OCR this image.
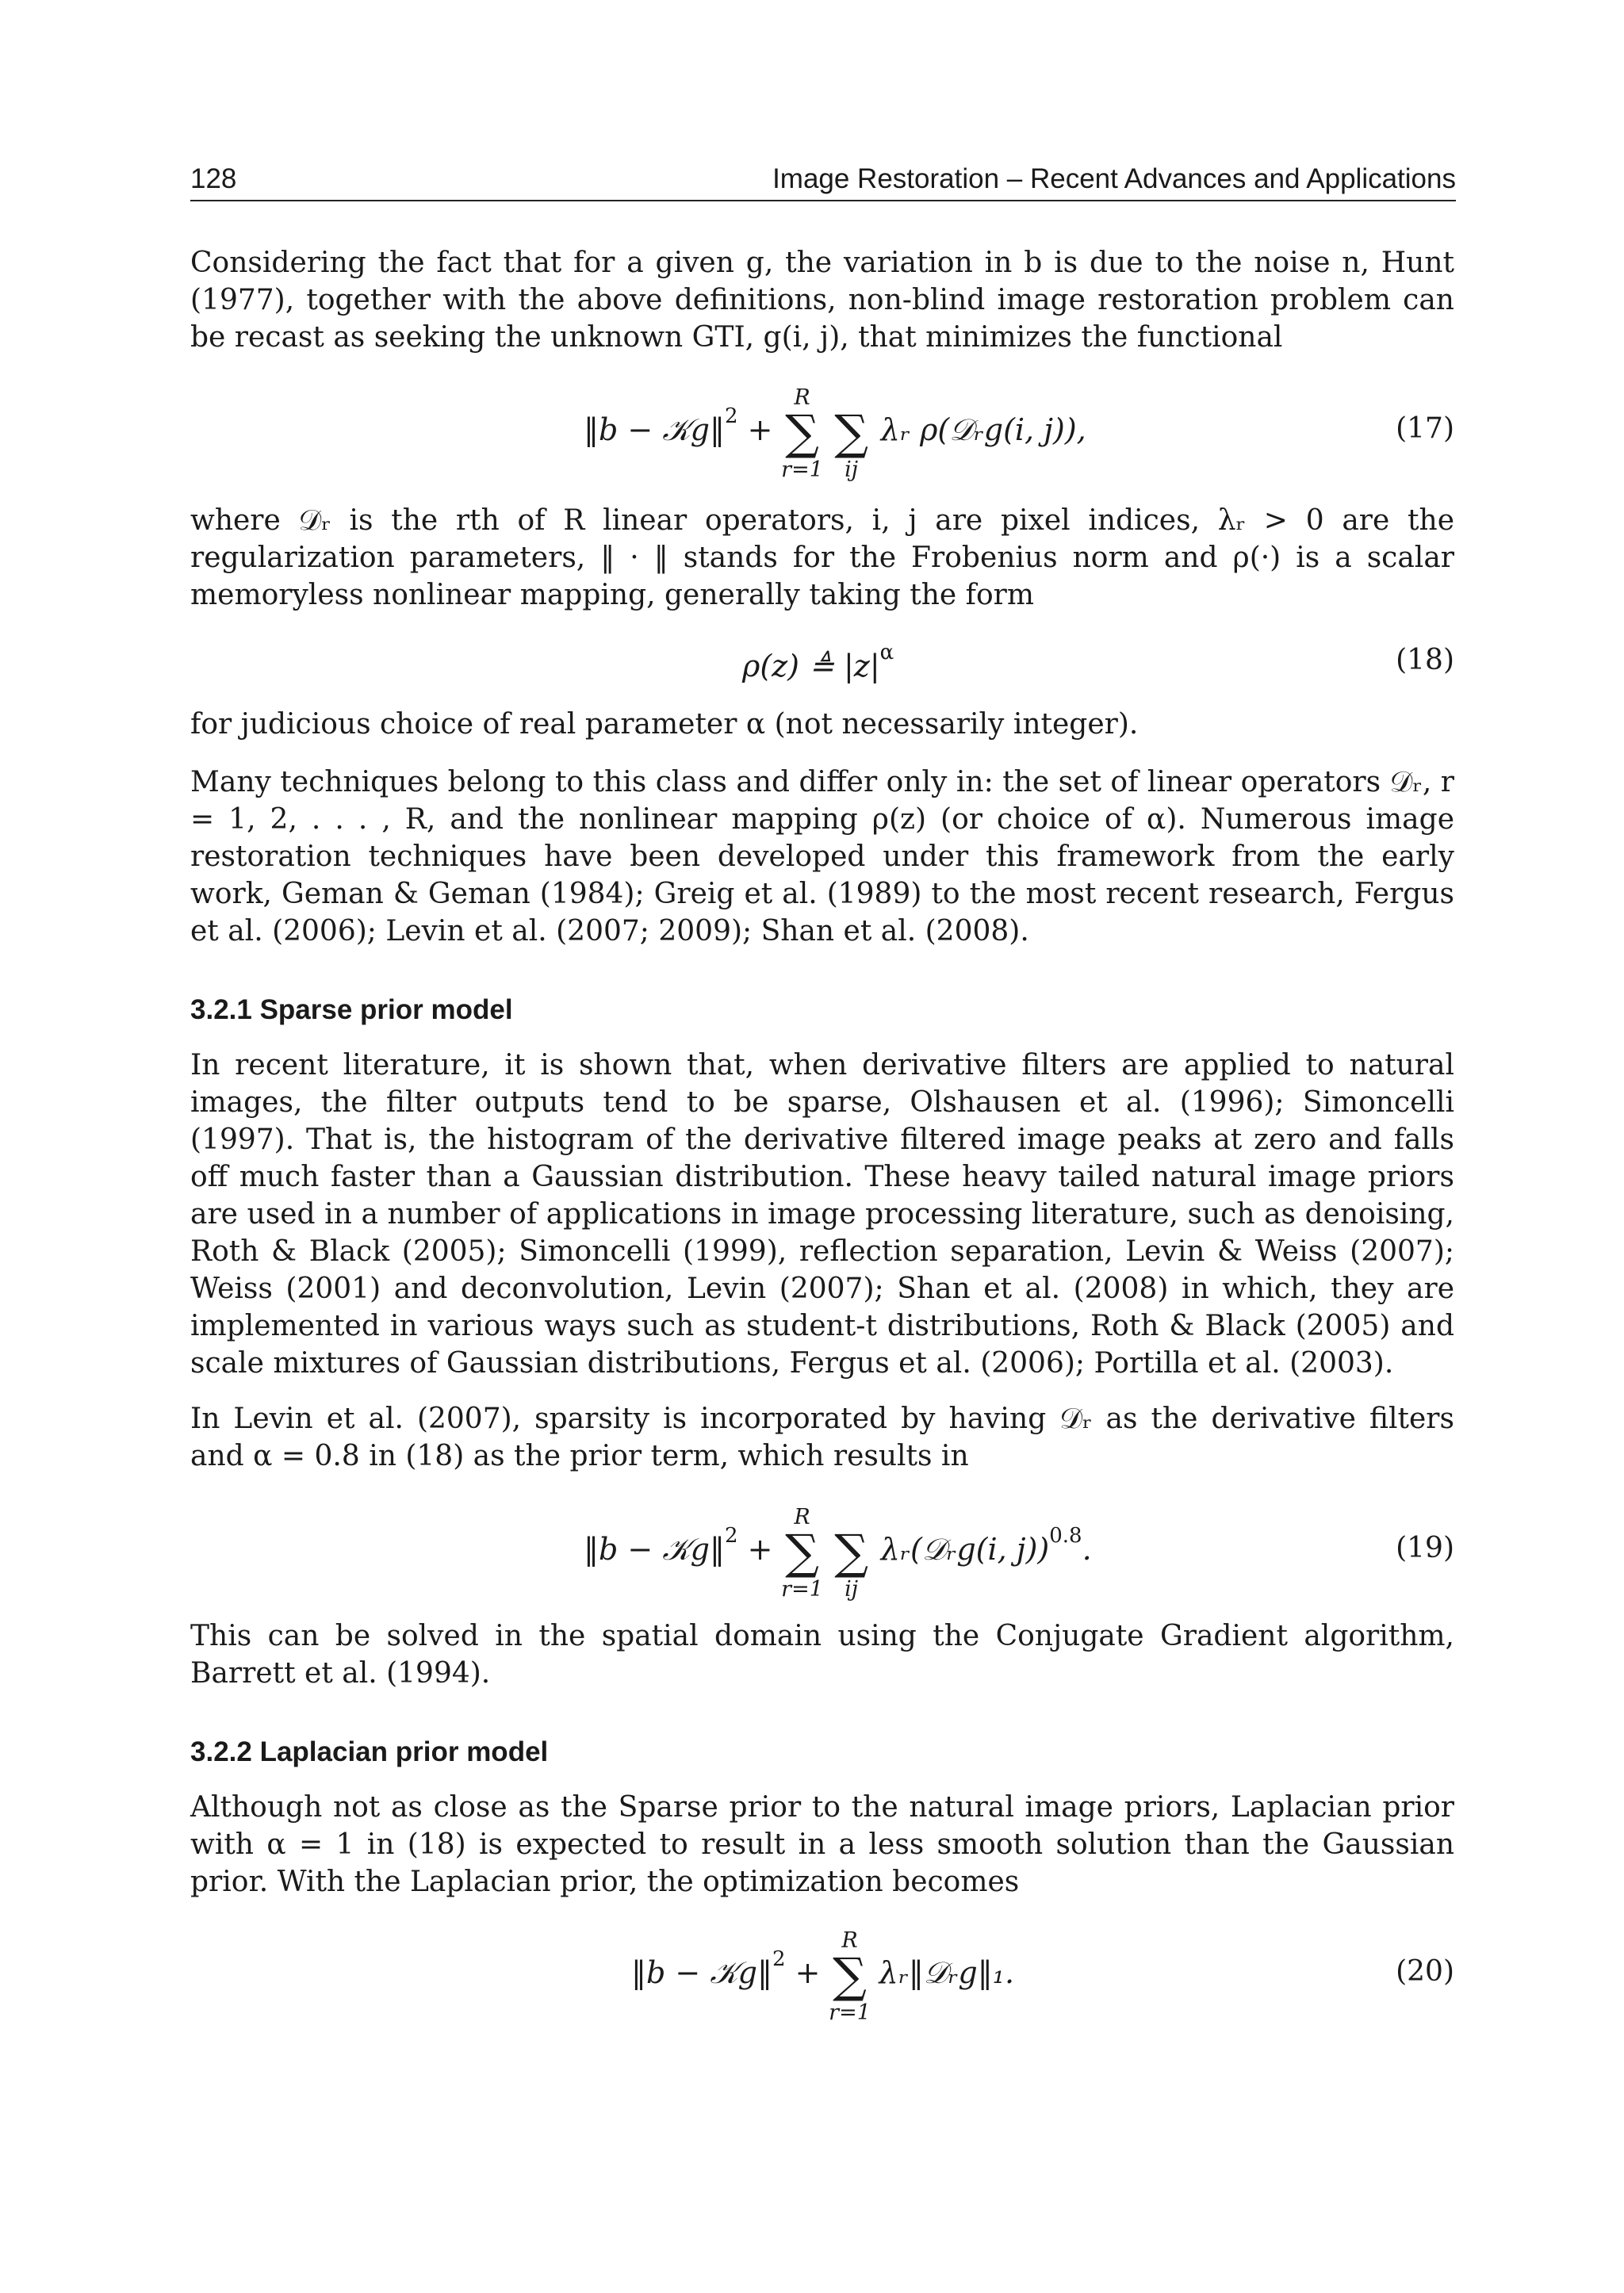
128	Image Restoration – Recent Advances and Applications

Considering the fact that for a given g, the variation in b is due to the noise n, Hunt (1977), together with the above definitions, non-blind image restoration problem can be recast as seeking the unknown GTI, g(i, j), that minimizes the functional

‖b − 𝒦g‖$^2$ +
R
∑
r=1

∑
ij
λᵣ ρ(𝒟ᵣg(i, j)),	(17)

where 𝒟ᵣ is the rth of R linear operators, i, j are pixel indices, λᵣ > 0 are the regularization parameters, ‖ · ‖ stands for the Frobenius norm and ρ(·) is a scalar memoryless nonlinear mapping, generally taking the form

ρ(z) ≜ $|z|^\alpha$	(18)

for judicious choice of real parameter α (not necessarily integer).

Many techniques belong to this class and differ only in: the set of linear operators 𝒟ᵣ, r = 1, 2, . . . , R, and the nonlinear mapping ρ(z) (or choice of α). Numerous image restoration techniques have been developed under this framework from the early work, Geman & Geman (1984); Greig et al. (1989) to the most recent research, Fergus et al. (2006); Levin et al. (2007; 2009); Shan et al. (2008).

3.2.1 Sparse prior model

In recent literature, it is shown that, when derivative filters are applied to natural images, the filter outputs tend to be sparse, Olshausen et al. (1996); Simoncelli (1997). That is, the histogram of the derivative filtered image peaks at zero and falls off much faster than a Gaussian distribution. These heavy tailed natural image priors are used in a number of applications in image processing literature, such as denoising, Roth & Black (2005); Simoncelli (1999), reflection separation, Levin & Weiss (2007); Weiss (2001) and deconvolution, Levin (2007); Shan et al. (2008) in which, they are implemented in various ways such as student-t distributions, Roth & Black (2005) and scale mixtures of Gaussian distributions, Fergus et al. (2006); Portilla et al. (2003).

In Levin et al. (2007), sparsity is incorporated by having 𝒟ᵣ as the derivative filters and α = 0.8 in (18) as the prior term, which results in

‖b − 𝒦g‖$^2$ +
R
∑
r=1

∑
ij
λᵣ(𝒟ᵣg(i, j))$^{0.8}$.	(19)

This can be solved in the spatial domain using the Conjugate Gradient algorithm, Barrett et al. (1994).

3.2.2 Laplacian prior model

Although not as close as the Sparse prior to the natural image priors, Laplacian prior with α = 1 in (18) is expected to result in a less smooth solution than the Gaussian prior. With the Laplacian prior, the optimization becomes

‖b − 𝒦g‖$^2$ +
R
∑
r=1
λᵣ‖𝒟ᵣg‖₁.	(20)
